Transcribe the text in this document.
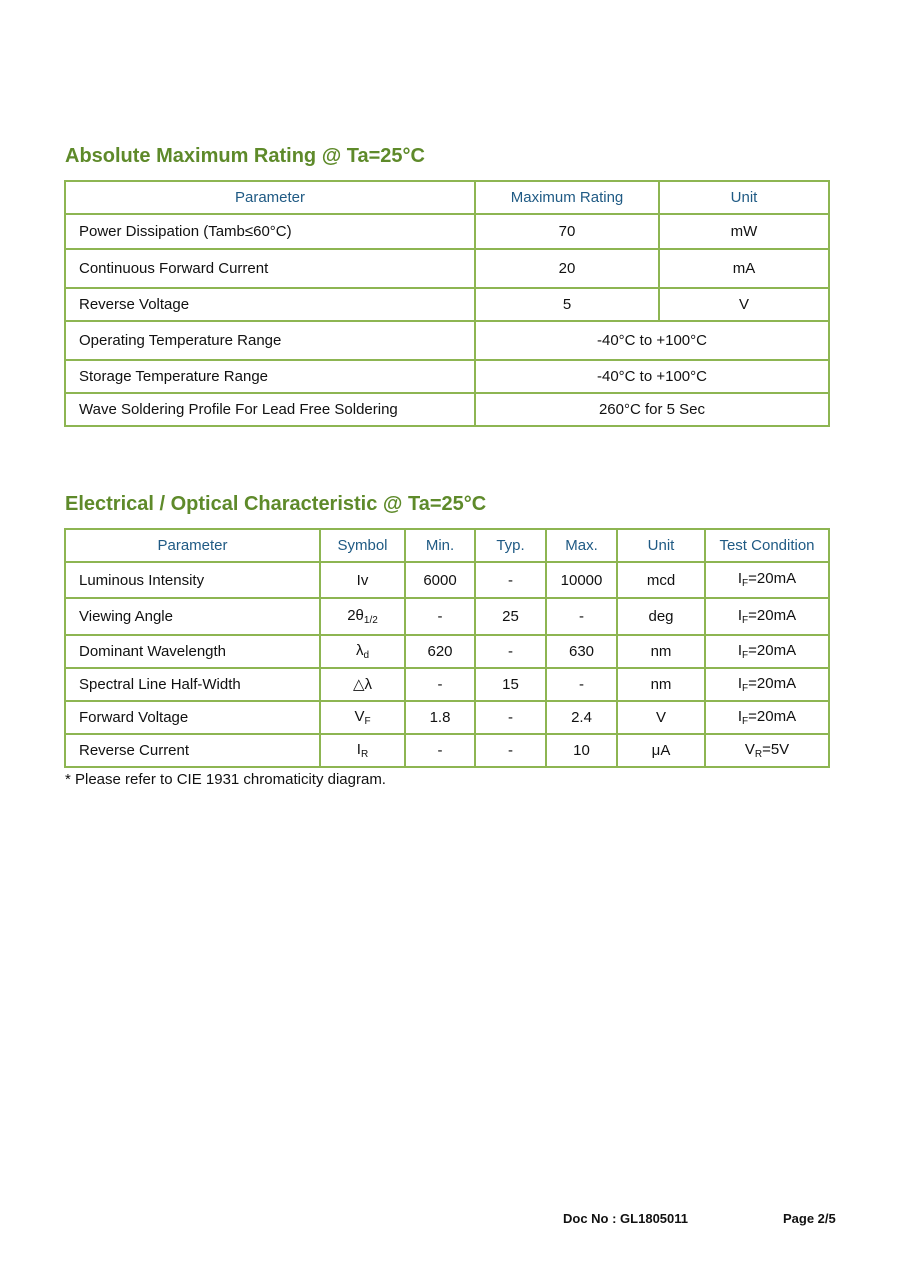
Absolute Maximum Rating @ Ta=25°C
Parameter	Maximum Rating	Unit
Power Dissipation (Tamb≤60°C)	70	mW
Continuous Forward Current	20	mA
Reverse Voltage	5	V
Operating Temperature Range	-40°C to +100°C	
Storage Temperature Range	-40°C to +100°C	
Wave Soldering Profile For Lead Free Soldering	260°C for 5 Sec	
Electrical / Optical Characteristic @ Ta=25°C
Parameter	Symbol	Min.	Typ.	Max.	Unit	Test Condition
Luminous Intensity	Iv	6000	-	10000	mcd	$I_F=20mA$
Viewing Angle	$2\theta_{1/2}$	-	25	-	deg	$I_F=20mA$
Dominant Wavelength	$\lambda_d$	620	-	630	nm	$I_F=20mA$
Spectral Line Half-Width	△λ	-	15	-	nm	$I_F=20mA$
Forward Voltage	$V_F$	1.8	-	2.4	V	$I_F=20mA$
Reverse Current	$I_R$	-	-	10	μA	$V_R=5V$

* Please refer to CIE 1931 chromaticity diagram.

Doc No : GL1805011	Page 2/5
